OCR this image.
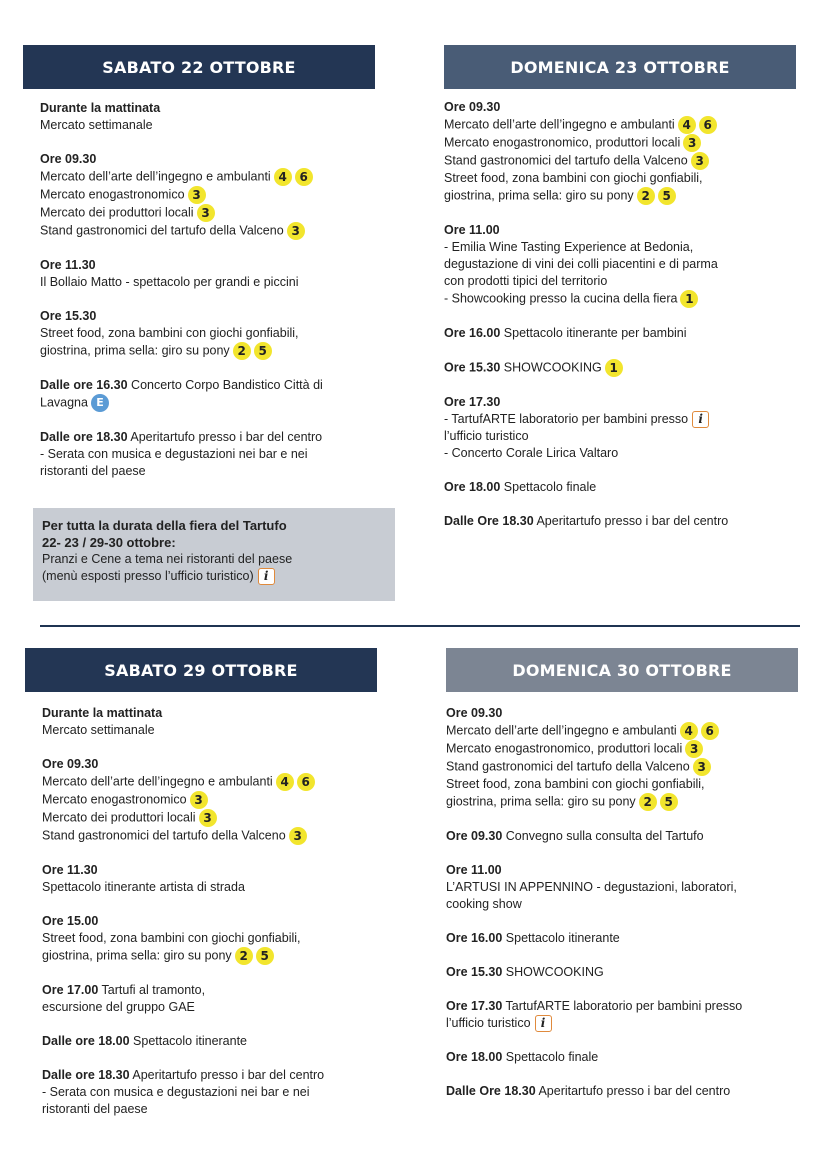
SABATO 22 OTTOBRE	DOMENICA 23 OTTOBRE
SABATO 29 OTTOBRE	DOMENICA 30 OTTOBRE
Durante la mattinata
Mercato settimanale
Ore 09.30
Mercato dell’arte dell’ingegno e ambulanti 4 6
Mercato enogastronomico 3
Mercato dei produttori locali 3
Stand gastronomici del tartufo della Valceno 3
Ore 11.30
Il Bollaio Matto - spettacolo per grandi e piccini
Ore 15.30
Street food, zona bambini con giochi gonfiabili,
giostrina, prima sella: giro su pony 2 5
Dalle ore 16.30 Concerto Corpo Bandistico Città di
Lavagna E
Dalle ore 18.30 Aperitartufo presso i bar del centro
- Serata con musica e degustazioni nei bar e nei
ristoranti del paese
Ore 09.30
Mercato dell’arte dell’ingegno e ambulanti 4 6
Mercato enogastronomico, produttori locali 3
Stand gastronomici del tartufo della Valceno 3
Street food, zona bambini con giochi gonfiabili,
giostrina, prima sella: giro su pony 2 5
Ore 11.00
- Emilia Wine Tasting Experience at Bedonia,
degustazione di vini dei colli piacentini e di parma
con prodotti tipici del territorio
- Showcooking presso la cucina della fiera 1
Ore 16.00 Spettacolo itinerante per bambini
Ore 15.30 SHOWCOOKING 1
Ore 17.30
- TartufARTE laboratorio per bambini presso i
l’ufficio turistico
- Concerto Corale Lirica Valtaro
Ore 18.00 Spettacolo finale
Dalle Ore 18.30 Aperitartufo presso i bar del centro
Durante la mattinata
Mercato settimanale
Ore 09.30
Mercato dell’arte dell’ingegno e ambulanti 4 6
Mercato enogastronomico 3
Mercato dei produttori locali 3
Stand gastronomici del tartufo della Valceno 3
Ore 11.30
Spettacolo itinerante artista di strada
Ore 15.00
Street food, zona bambini con giochi gonfiabili,
giostrina, prima sella: giro su pony 2 5
Ore 17.00 Tartufi al tramonto,
escursione del gruppo GAE
Dalle ore 18.00 Spettacolo itinerante
Dalle ore 18.30 Aperitartufo presso i bar del centro
- Serata con musica e degustazioni nei bar e nei
ristoranti del paese
Ore 09.30
Mercato dell’arte dell’ingegno e ambulanti 4 6
Mercato enogastronomico, produttori locali 3
Stand gastronomici del tartufo della Valceno 3
Street food, zona bambini con giochi gonfiabili,
giostrina, prima sella: giro su pony 2 5
Ore 09.30 Convegno sulla consulta del Tartufo
Ore 11.00
L’ARTUSI IN APPENNINO - degustazioni, laboratori,
cooking show
Ore 16.00 Spettacolo itinerante
Ore 15.30 SHOWCOOKING
Ore 17.30 TartufARTE laboratorio per bambini presso
l’ufficio turistico i
Ore 18.00 Spettacolo finale
Dalle Ore 18.30 Aperitartufo presso i bar del centro
Per tutta la durata della fiera del Tartufo
22- 23 / 29-30 ottobre:
Pranzi e Cene a tema nei ristoranti del paese
(menù esposti presso l’ufficio turistico) i
